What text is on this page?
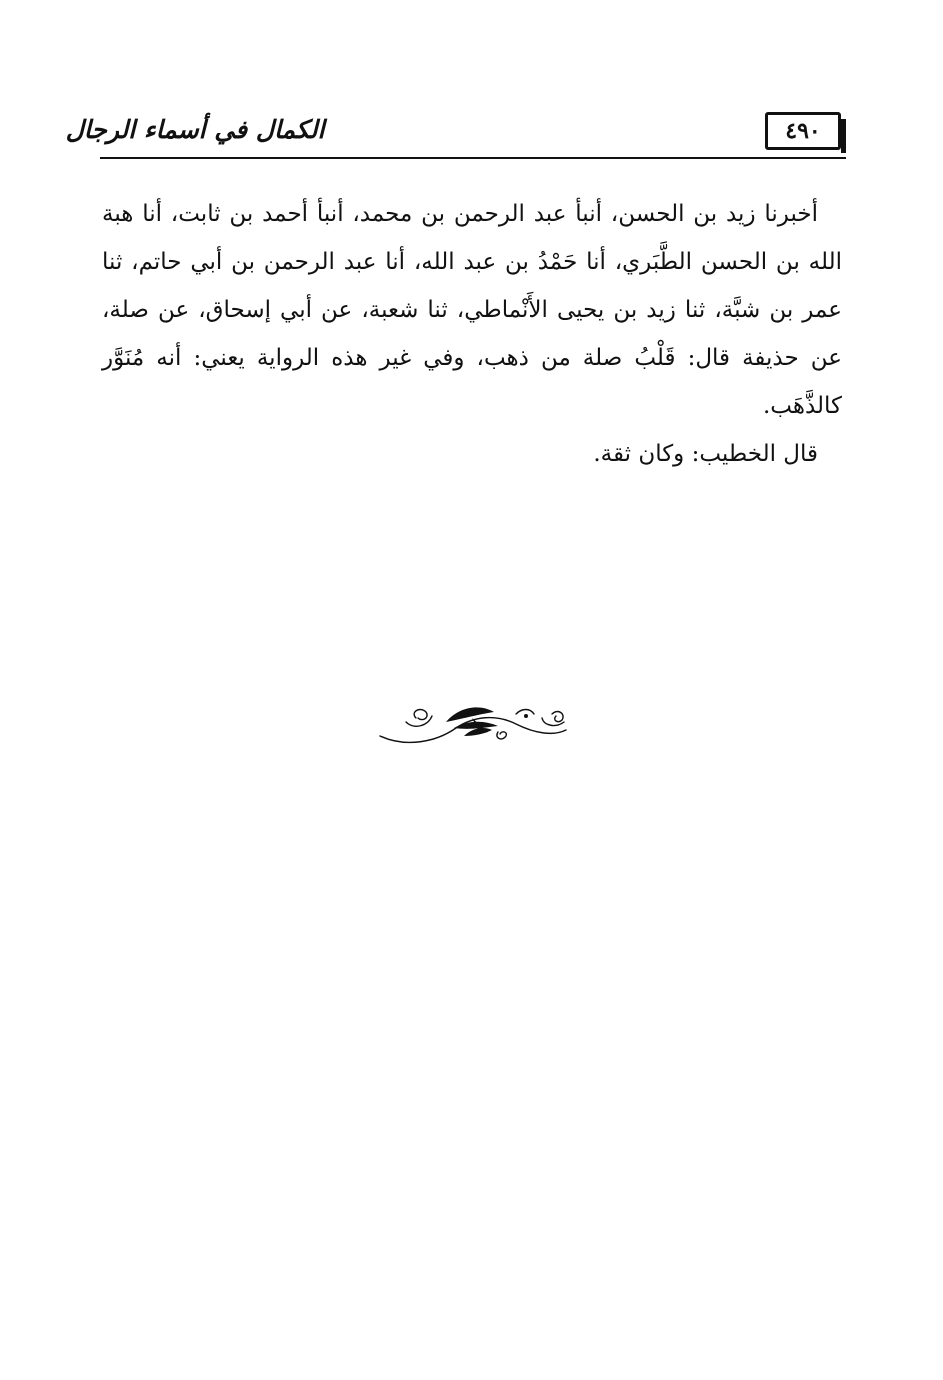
٤٩٠
الكمال في أسماء الرجال

أخبرنا زيد بن الحسن، أنبأ عبد الرحمن بن محمد، أنبأ أحمد بن ثابت، أنا هبة الله بن الحسن الطَّبَري، أنا حَمْدُ بن عبد الله، أنا عبد الرحمن بن أبي حاتم، ثنا عمر بن شبَّة، ثنا زيد بن يحيى الأَنْماطي، ثنا شعبة، عن أبي إسحاق، عن صلة، عن حذيفة قال: قَلْبُ صلة من ذهب، وفي غير هذه الرواية يعني: أنه مُنَوَّر كالذَّهَب.

قال الخطيب: وكان ثقة.
